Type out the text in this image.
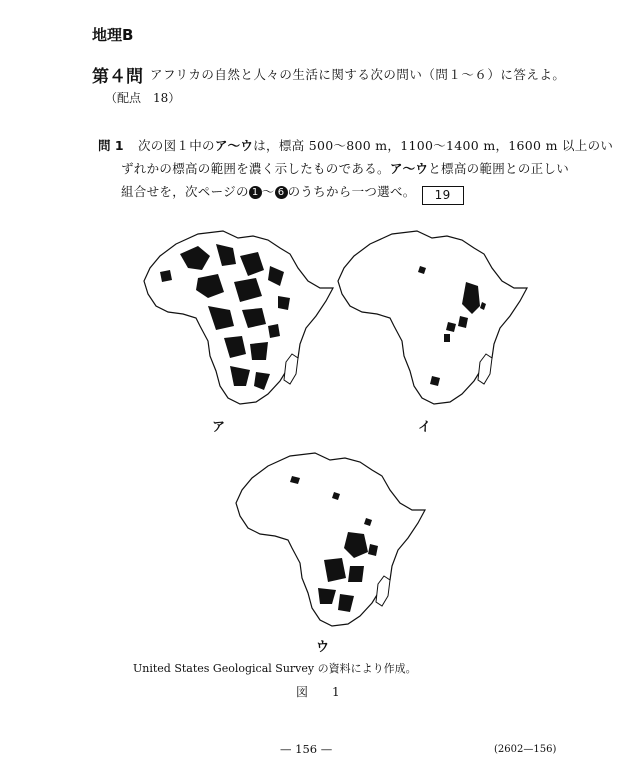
地理B
第４問 アフリカの自然と人々の生活に関する次の問い（問１～６）に答えよ。
（配点　18）
問 1 次の図１中のア～ウは，標高 500～800 m，1100～1400 m，1600 m 以上のい
ずれかの標高の範囲を濃く示したものである。ア～ウと標高の範囲との正しい
組合せを，次ページの 1 ～ 6 のうちから一つ選べ。 19
ア	イ
ウ
United States Geological Survey の資料により作成。
図　1
— 156 —	(2602—156)
